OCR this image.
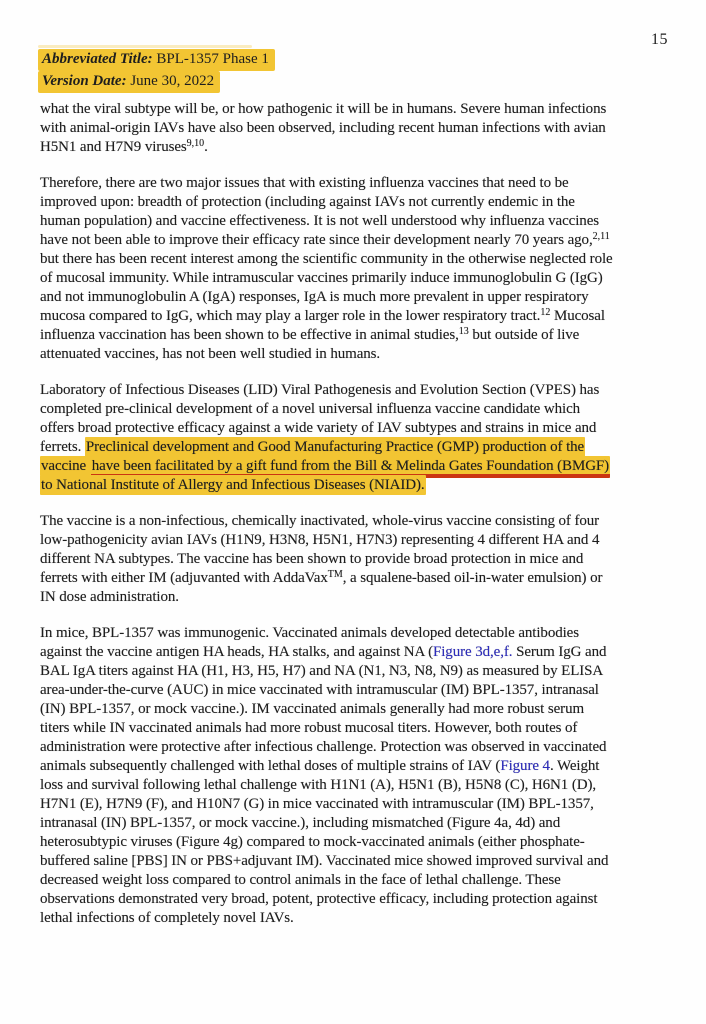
15
Abbreviated Title: BPL-1357 Phase 1
Version Date: June 30, 2022

what the viral subtype will be, or how pathogenic it will be in humans. Severe human infections
with animal-origin IAVs have also been observed, including recent human infections with avian
H5N1 and H7N9 viruses$^{9,10}$.

Therefore, there are two major issues that with existing influenza vaccines that need to be
improved upon: breadth of protection (including against IAVs not currently endemic in the
human population) and vaccine effectiveness. It is not well understood why influenza vaccines
have not been able to improve their efficacy rate since their development nearly 70 years ago,$^{2,11}$
but there has been recent interest among the scientific community in the otherwise neglected role
of mucosal immunity. While intramuscular vaccines primarily induce immunoglobulin G (IgG)
and not immunoglobulin A (IgA) responses, IgA is much more prevalent in upper respiratory
mucosa compared to IgG, which may play a larger role in the lower respiratory tract.$^{12}$ Mucosal
influenza vaccination has been shown to be effective in animal studies,$^{13}$ but outside of live
attenuated vaccines, has not been well studied in humans.

Laboratory of Infectious Diseases (LID) Viral Pathogenesis and Evolution Section (VPES) has
completed pre-clinical development of a novel universal influenza vaccine candidate which
offers broad protective efficacy against a wide variety of IAV subtypes and strains in mice and
ferrets. Preclinical development and Good Manufacturing Practice (GMP) production of the
vaccine have been facilitated by a gift fund from the Bill & Melinda Gates Foundation (BMGF)
to National Institute of Allergy and Infectious Diseases (NIAID).

The vaccine is a non-infectious, chemically inactivated, whole-virus vaccine consisting of four
low-pathogenicity avian IAVs (H1N9, H3N8, H5N1, H7N3) representing 4 different HA and 4
different NA subtypes. The vaccine has been shown to provide broad protection in mice and
ferrets with either IM (adjuvanted with AddaVax™, a squalene-based oil-in-water emulsion) or
IN dose administration.

In mice, BPL-1357 was immunogenic. Vaccinated animals developed detectable antibodies
against the vaccine antigen HA heads, HA stalks, and against NA (Figure 3d,e,f. Serum IgG and
BAL IgA titers against HA (H1, H3, H5, H7) and NA (N1, N3, N8, N9) as measured by ELISA
area-under-the-curve (AUC) in mice vaccinated with intramuscular (IM) BPL-1357, intranasal
(IN) BPL-1357, or mock vaccine.). IM vaccinated animals generally had more robust serum
titers while IN vaccinated animals had more robust mucosal titers. However, both routes of
administration were protective after infectious challenge. Protection was observed in vaccinated
animals subsequently challenged with lethal doses of multiple strains of IAV (Figure 4. Weight
loss and survival following lethal challenge with H1N1 (A), H5N1 (B), H5N8 (C), H6N1 (D),
H7N1 (E), H7N9 (F), and H10N7 (G) in mice vaccinated with intramuscular (IM) BPL-1357,
intranasal (IN) BPL-1357, or mock vaccine.), including mismatched (Figure 4a, 4d) and
heterosubtypic viruses (Figure 4g) compared to mock-vaccinated animals (either phosphate-
buffered saline [PBS] IN or PBS+adjuvant IM). Vaccinated mice showed improved survival and
decreased weight loss compared to control animals in the face of lethal challenge. These
observations demonstrated very broad, potent, protective efficacy, including protection against
lethal infections of completely novel IAVs.
